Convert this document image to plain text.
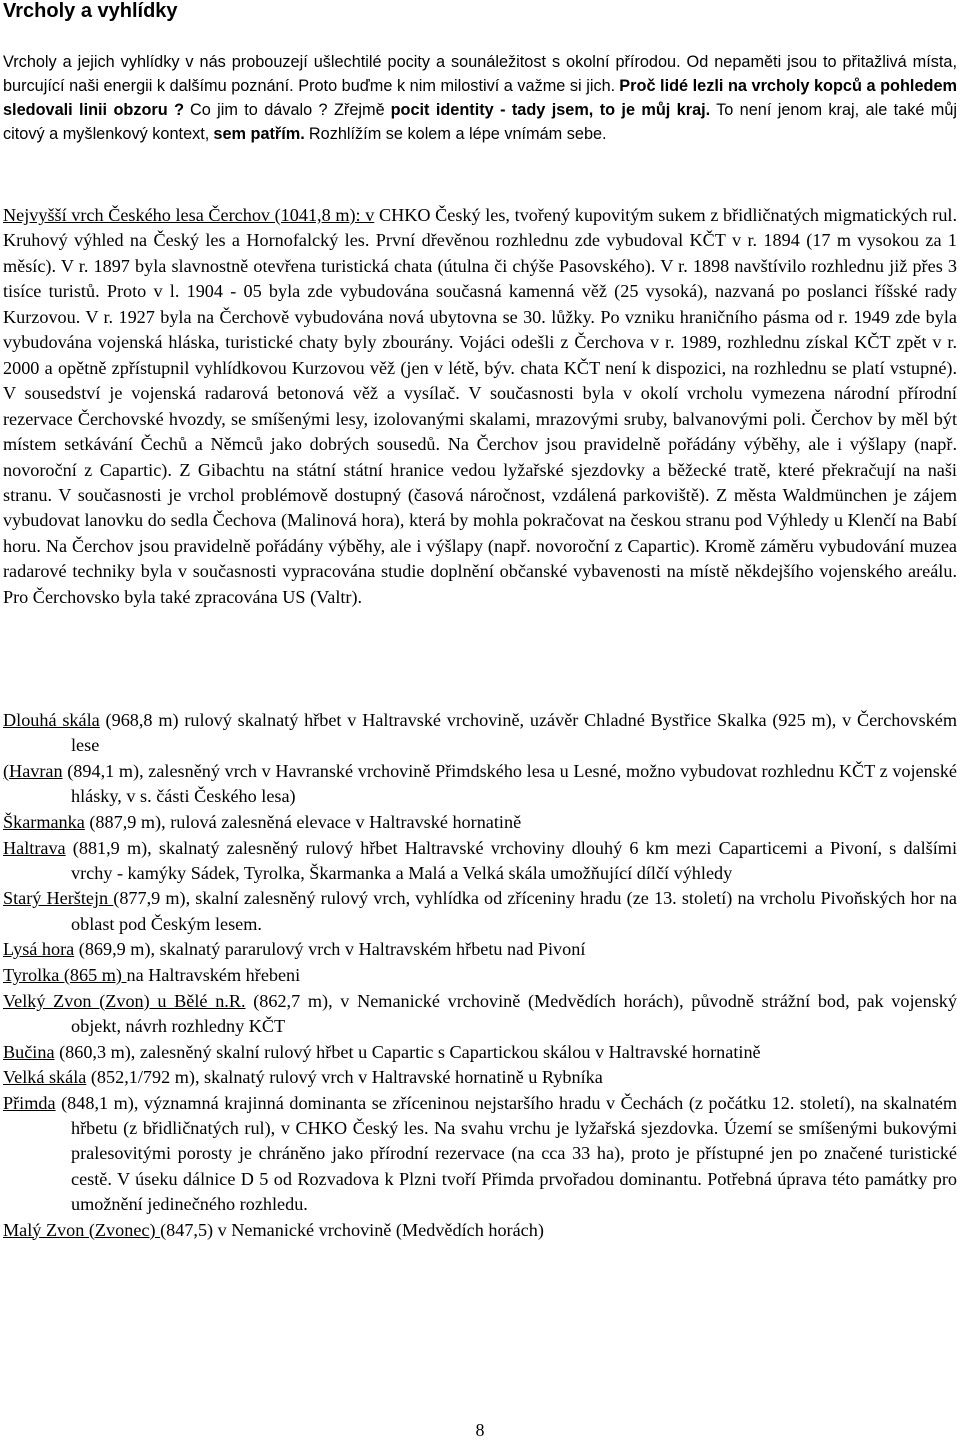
Vrcholy a vyhlídky

Vrcholy a jejich vyhlídky v nás probouzejí ušlechtilé pocity a sounáležitost s okolní přírodou. Od nepaměti jsou to přitažlivá místa, burcující naši energii k dalšímu poznání. Proto buďme k nim milostiví a važme si jich. Proč lidé lezli na vrcholy kopců a pohledem sledovali linii obzoru ? Co jim to dávalo ? Zřejmě pocit identity - tady jsem, to je můj kraj. To není jenom kraj, ale také můj citový a myšlenkový kontext, sem patřím. Rozhlížím se kolem a lépe vnímám sebe.

Nejvyšší vrch Českého lesa Čerchov (1041,8 m): v CHKO Český les, tvořený kupovitým sukem z břidličnatých migmatických rul. Kruhový výhled na Český les a Hornofalcký les. První dřevěnou rozhlednu zde vybudoval KČT v r. 1894 (17 m vysokou za 1 měsíc). V r. 1897 byla slavnostně otevřena turistická chata (útulna či chýše Pasovského). V r. 1898 navštívilo rozhlednu již přes 3 tisíce turistů. Proto v l. 1904 - 05 byla zde vybudována současná kamenná věž (25 vysoká), nazvaná po poslanci říšské rady Kurzovou. V r. 1927 byla na Čerchově vybudována nová ubytovna se 30. lůžky. Po vzniku hraničního pásma od r. 1949 zde byla vybudována vojenská hláska, turistické chaty byly zbourány. Vojáci odešli z Čerchova v r. 1989, rozhlednu získal KČT zpět v r. 2000 a opětně zpřístupnil vyhlídkovou Kurzovou věž (jen v létě, býv. chata KČT není k dispozici, na rozhlednu se platí vstupné). V sousedství je vojenská radarová betonová věž a vysílač. V současnosti byla v okolí vrcholu vymezena národní přírodní rezervace Čerchovské hvozdy, se smíšenými lesy, izolovanými skalami, mrazovými sruby, balvanovými poli. Čerchov by měl být místem setkávání Čechů a Němců jako dobrých sousedů. Na Čerchov jsou pravidelně pořádány výběhy, ale i výšlapy (např. novoroční z Capartic). Z Gibachtu na státní státní hranice vedou lyžařské sjezdovky a běžecké tratě, které překračují na naši stranu. V současnosti je vrchol problémově dostupný (časová náročnost, vzdálená parkoviště). Z města Waldmünchen je zájem vybudovat lanovku do sedla Čechova (Malinová hora), která by mohla pokračovat na českou stranu pod Výhledy u Klenčí na Babí horu. Na Čerchov jsou pravidelně pořádány výběhy, ale i výšlapy (např. novoroční z Capartic). Kromě záměru vybudování muzea radarové techniky byla v současnosti vypracována studie doplnění občanské vybavenosti na místě někdejšího vojenského areálu. Pro Čerchovsko byla také zpracována US (Valtr).

Dlouhá skála (968,8 m) rulový skalnatý hřbet v Haltravské vrchovině, uzávěr Chladné Bystřice Skalka (925 m), v Čerchovském lese

(Havran (894,1 m), zalesněný vrch v Havranské vrchovině Přimdského lesa u Lesné, možno vybudovat rozhlednu KČT z vojenské hlásky, v s. části Českého lesa)

Škarmanka (887,9 m), rulová zalesněná elevace v Haltravské hornatině

Haltrava (881,9 m), skalnatý zalesněný rulový hřbet Haltravské vrchoviny dlouhý 6 km mezi Caparticemi a Pivoní, s dalšími vrchy - kamýky Sádek, Tyrolka, Škarmanka a Malá a Velká skála umožňující dílčí výhledy

Starý Herštejn (877,9 m), skalní zalesněný rulový vrch, vyhlídka od zříceniny hradu (ze 13. století) na vrcholu Pivoňských hor na oblast pod Českým lesem.

Lysá hora (869,9 m), skalnatý pararulový vrch v Haltravském hřbetu nad Pivoní

Tyrolka (865 m) na Haltravském hřebeni

Velký Zvon (Zvon) u Bělé n.R. (862,7 m), v Nemanické vrchovině (Medvědích horách), původně strážní bod, pak vojenský objekt, návrh rozhledny KČT

Bučina (860,3 m), zalesněný skalní rulový hřbet u Capartic s Capartickou skálou v Haltravské hornatině

Velká skála (852,1/792 m), skalnatý rulový vrch v Haltravské hornatině u Rybníka

Přimda (848,1 m), významná krajinná dominanta se zříceninou nejstaršího hradu v Čechách (z počátku 12. století), na skalnatém hřbetu (z břidličnatých rul), v CHKO Český les. Na svahu vrchu je lyžařská sjezdovka. Území se smíšenými bukovými pralesovitými porosty je chráněno jako přírodní rezervace (na cca 33 ha), proto je přístupné jen po značené turistické cestě. V úseku dálnice D 5 od Rozvadova k Plzni tvoří Přimda prvořadou dominantu. Potřebná úprava této památky pro umožnění jedinečného rozhledu.

Malý Zvon (Zvonec) (847,5) v Nemanické vrchovině (Medvědích horách)

8
